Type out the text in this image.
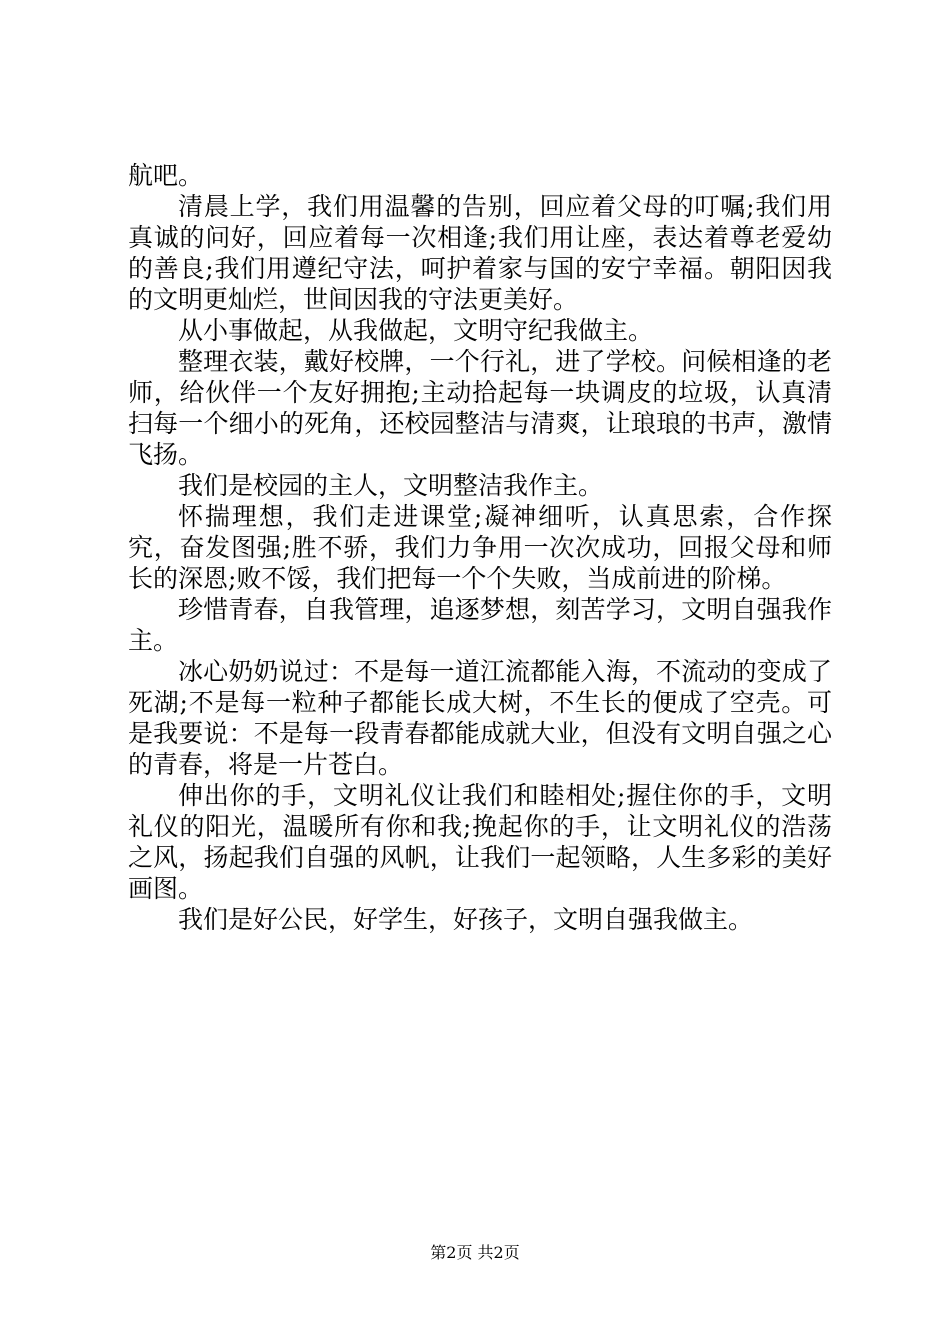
航吧。

清晨上学，我们用温馨的告别，回应着父母的叮嘱;我们用真诚的问好，回应着每一次相逢;我们用让座，表达着尊老爱幼的善良;我们用遵纪守法，呵护着家与国的安宁幸福。朝阳因我的文明更灿烂，世间因我的守法更美好。

从小事做起，从我做起，文明守纪我做主。

整理衣装，戴好校牌，一个行礼，进了学校。问候相逢的老师，给伙伴一个友好拥抱;主动拾起每一块调皮的垃圾，认真清扫每一个细小的死角，还校园整洁与清爽，让琅琅的书声，激情飞扬。

我们是校园的主人，文明整洁我作主。

怀揣理想，我们走进课堂;凝神细听，认真思索，合作探究，奋发图强;胜不骄，我们力争用一次次成功，回报父母和师长的深恩;败不馁，我们把每一个个失败，当成前进的阶梯。

珍惜青春，自我管理，追逐梦想，刻苦学习，文明自强我作主。

冰心奶奶说过：不是每一道江流都能入海，不流动的变成了死湖;不是每一粒种子都能长成大树，不生长的便成了空壳。可是我要说：不是每一段青春都能成就大业，但没有文明自强之心的青春，将是一片苍白。

伸出你的手，文明礼仪让我们和睦相处;握住你的手，文明礼仪的阳光，温暖所有你和我;挽起你的手，让文明礼仪的浩荡之风，扬起我们自强的风帆，让我们一起领略，人生多彩的美好画图。

我们是好公民，好学生，好孩子，文明自强我做主。

第2页 共2页
